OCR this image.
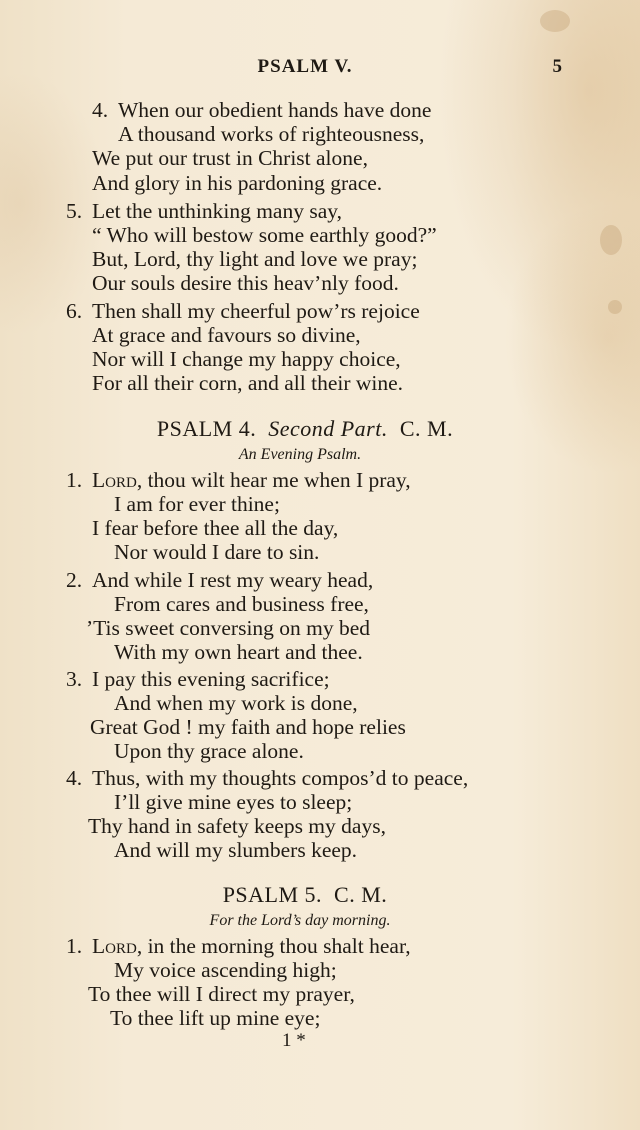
PSALM V.	5
4. When our obedient hands have done
A thousand works of righteousness,
We put our trust in Christ alone,
And glory in his pardoning grace.
5. Let the unthinking many say,
“ Who will bestow some earthly good?”
But, Lord, thy light and love we pray;
Our souls desire this heav’nly food.
6. Then shall my cheerful pow’rs rejoice
At grace and favours so divine,
Nor will I change my happy choice,
For all their corn, and all their wine.
PSALM 4. Second Part. C. M.
An Evening Psalm.
1. Lord, thou wilt hear me when I pray,
I am for ever thine;
I fear before thee all the day,
Nor would I dare to sin.
2. And while I rest my weary head,
From cares and business free,
’Tis sweet conversing on my bed
With my own heart and thee.
3. I pay this evening sacrifice;
And when my work is done,
Great God ! my faith and hope relies
Upon thy grace alone.
4. Thus, with my thoughts compos’d to peace,
I’ll give mine eyes to sleep;
Thy hand in safety keeps my days,
And will my slumbers keep.
PSALM 5. C. M.
For the Lord’s day morning.
1. Lord, in the morning thou shalt hear,
My voice ascending high;
To thee will I direct my prayer,
To thee lift up mine eye;
1 *
